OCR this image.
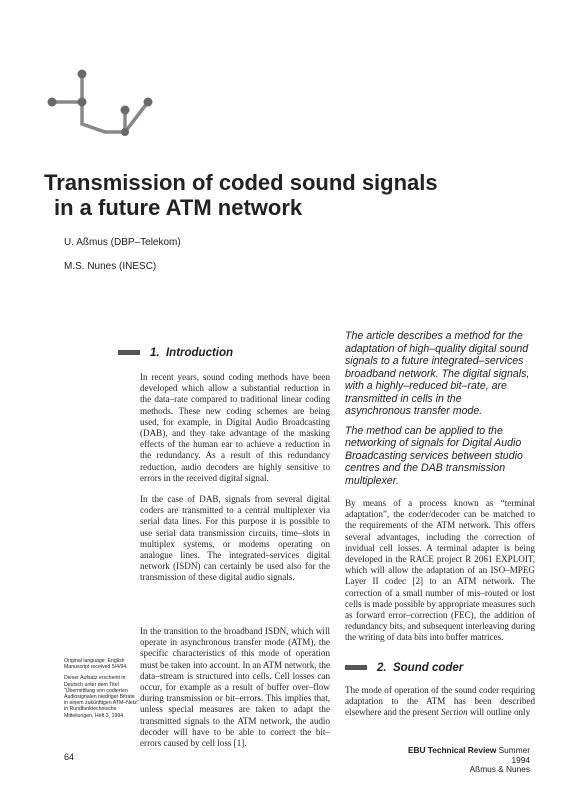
Transmission of coded sound signals
in a future ATM network
U. Aßmus (DBP–Telekom)
M.S. Nunes (INESC)

The article describes a method for the adaptation of high–quality digital sound signals to a future integrated–services broadband network. The digital signals, with a highly–reduced bit–rate, are transmitted in cells in the asynchronous transfer mode.

The method can be applied to the networking of signals for Digital Audio Broadcasting services between studio centres and the DAB transmission multiplexer.

1. Introduction
In recent years, sound coding methods have been developed which allow a substantial reduction in the data–rate compared to traditional linear coding methods. These new coding schemes are being used, for example, in Digital Audio Broadcasting (DAB), and they take advantage of the masking effects of the human ear to achieve a reduction in the redundancy. As a result of this redundancy reduction, audio decoders are highly sensitive to errors in the received digital signal.
In the case of DAB, signals from several digital coders are transmitted to a central multiplexer via serial data lines. For this purpose it is possible to use serial data transmission circuits, time–slots in multiplex systems, or modems operating on analogue lines. The integrated–services digital network (ISDN) can certainly be used also for the transmission of these digital audio signals.
In the transition to the broadband ISDN, which will operate in asynchronous transfer mode (ATM), the specific characteristics of this mode of operation must be taken into account. In an ATM network, the data–stream is structured into cells. Cell losses can occur, for example as a result of buffer over–flow during transmission or bit–errors. This implies that, unless special measures are taken to adapt the transmitted signals to the ATM network, the audio decoder will have to be able to correct the bit–errors caused by cell loss [1].
By means of a process known as “terminal adaptation”, the coder/decoder can be matched to the requirements of the ATM network. This offers several advantages, including the correction of invidual cell losses. A terminal adapter is being developed in the RACE project R 2061 EXPLOIT, which will allow the adaptation of an ISO–MPEG Layer II codec [2] to an ATM network. The correction of a small number of mis–routed or lost cells is made possible by appropriate measures such as forward error–correction (FEC), the addition of redundancy bits, and subsequent interleaving during the writing of data bits into buffer matrices.
2. Sound coder
The mode of operation of the sound coder requiring adaptation to the ATM has been described elsewhere and the present Section will outline only

Original language: English
Manuscript received 5/4/94.

Dieser Aufsatz erscheint in Deutsch unter dem Titel “Übermittlung von codierten Audiosignalen niedriger Bitrate in einem zukünftigen ATM–Netz” in Rundfunktechnische Mitteilungen, Heft 3, 1994.

64
EBU Technical Review Summer 1994
Aßmus & Nunes
